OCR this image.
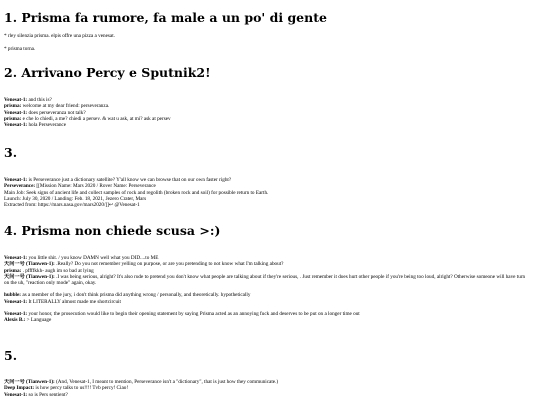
1. Prisma fa rumore, fa male a un po' di gente
* rley silenzia prisma. elpis offre una pizza a venesat.
* prisma torna.
2. Arrivano Percy e Sputnik2!
Venesat-1: and this is?
prisma: welcome at my dear friend: perseveranza.
Venesat-1: does perseveranza not talk?
prisma: e che lo chiedi, a me? chiedi a persev. & wat u ask, at mi? ask at persev
Venesat-1: hola Perseverance
3.
Venesat-1: is Perseverance just a dictionary satellite? Y'all know we can browse that on our own faster right?
Perseverance: [[Mission Name: Mars 2020 / Rover Name: Perseverance
Main Job: Seek signs of ancient life and collect samples of rock and regolith (broken rock and soil) for possible return to Earth.
Launch: July 30, 2020 / Landing: Feb. 18, 2021, Jezero Crater, Mars
Extracted from: https://mars.nasa.gov/mars2020/]]↩ @Venesat-1
4. Prisma non chiede scusa >:)
Venesat-1: you little shit. / you know DAMN well what you DID....to ME
天问一号 (Tianwen-1): .Really? Do you not remember yelling on purpose, or are you pretending to not know what I'm talking about?
prisma: . pffffkkh- augh im so bad at lying
天问一号 (Tianwen-1): .I was being serious, alright? It's also rude to pretend you don't know what people are talking about if they're serious, . Just remember it does hurt other people if you're being too loud, alright? Otherwise someone will have turn on the uh, "reaction only mode" again, okay.
hubble: as a member of the jury, i don't think prisma did anything wrong / personally, and theoretically. hypothetically
Venesat-1: It LITERALLY almost made me shortcircuit
Venesat-1: your honor, the prosecution would like to begin their opening statement by saying Prisma acted as an annoying fuck and deserves to be put on a longer time out
Alexis B.: > Language
5.
天问一号 (Tianwen-1): (And, Venesat-1, I meant to mention, Perseverance isn't a "dictionary", that is just how they communicate.)
Deep Impact: is how percy talks to us!!!! Tvb percy! Ciao!
Venesat-1: so is Pers sentient?
